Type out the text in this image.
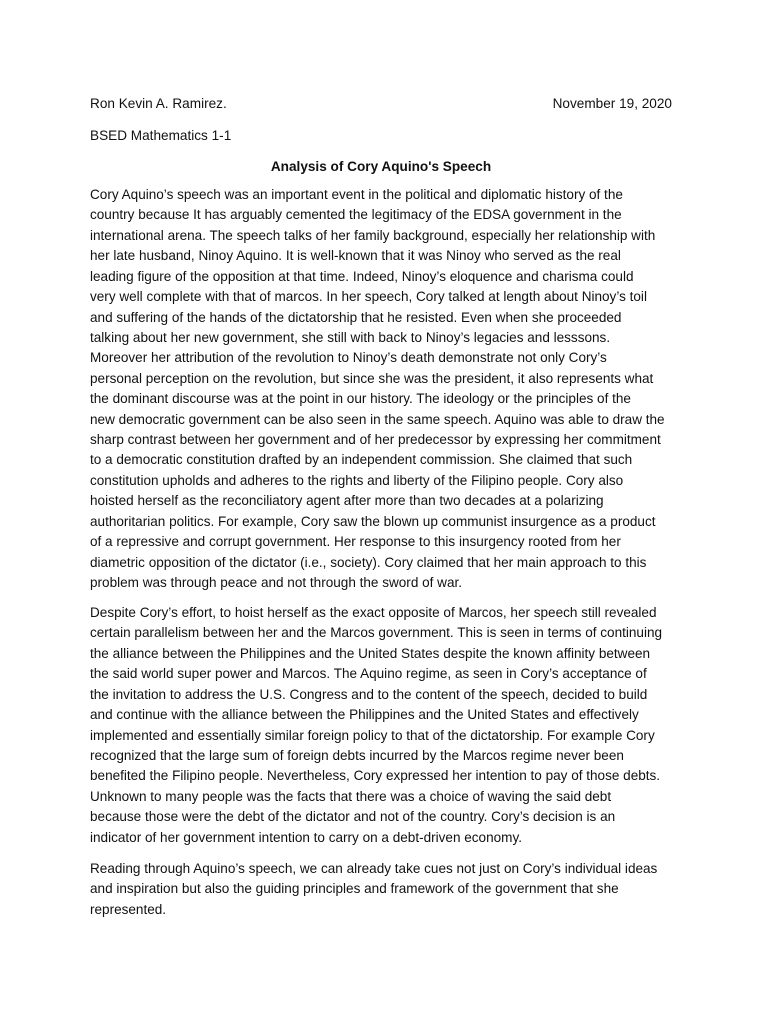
Ron Kevin A. Ramirez.	November 19, 2020
BSED Mathematics 1-1
Analysis of Cory Aquino's Speech
Cory Aquino’s speech was an important event in the political and diplomatic history of the
country because It has arguably cemented the legitimacy of the EDSA government in the
international arena. The speech talks of her family background, especially her relationship with
her late husband, Ninoy Aquino. It is well-known that it was Ninoy who served as the real
leading figure of the opposition at that time. Indeed, Ninoy’s eloquence and charisma could
very well complete with that of marcos. In her speech, Cory talked at length about Ninoy’s toil
and suffering of the hands of the dictatorship that he resisted. Even when she proceeded
talking about her new government, she still with back to Ninoy’s legacies and lesssons.
Moreover her attribution of the revolution to Ninoy’s death demonstrate not only Cory’s
personal perception on the revolution, but since she was the president, it also represents what
the dominant discourse was at the point in our history. The ideology or the principles of the
new democratic government can be also seen in the same speech. Aquino was able to draw the
sharp contrast between her government and of her predecessor by expressing her commitment
to a democratic constitution drafted by an independent commission. She claimed that such
constitution upholds and adheres to the rights and liberty of the Filipino people. Cory also
hoisted herself as the reconciliatory agent after more than two decades at a polarizing
authoritarian politics. For example, Cory saw the blown up communist insurgence as a product
of a repressive and corrupt government. Her response to this insurgency rooted from her
diametric opposition of the dictator (i.e., society). Cory claimed that her main approach to this
problem was through peace and not through the sword of war.
Despite Cory’s effort, to hoist herself as the exact opposite of Marcos, her speech still revealed
certain parallelism between her and the Marcos government. This is seen in terms of continuing
the alliance between the Philippines and the United States despite the known affinity between
the said world super power and Marcos. The Aquino regime, as seen in Cory’s acceptance of
the invitation to address the U.S. Congress and to the content of the speech, decided to build
and continue with the alliance between the Philippines and the United States and effectively
implemented and essentially similar foreign policy to that of the dictatorship. For example Cory
recognized that the large sum of foreign debts incurred by the Marcos regime never been
benefited the Filipino people. Nevertheless, Cory expressed her intention to pay of those debts.
Unknown to many people was the facts that there was a choice of waving the said debt
because those were the debt of the dictator and not of the country. Cory’s decision is an
indicator of her government intention to carry on a debt-driven economy.
Reading through Aquino’s speech, we can already take cues not just on Cory’s individual ideas
and inspiration but also the guiding principles and framework of the government that she
represented.
